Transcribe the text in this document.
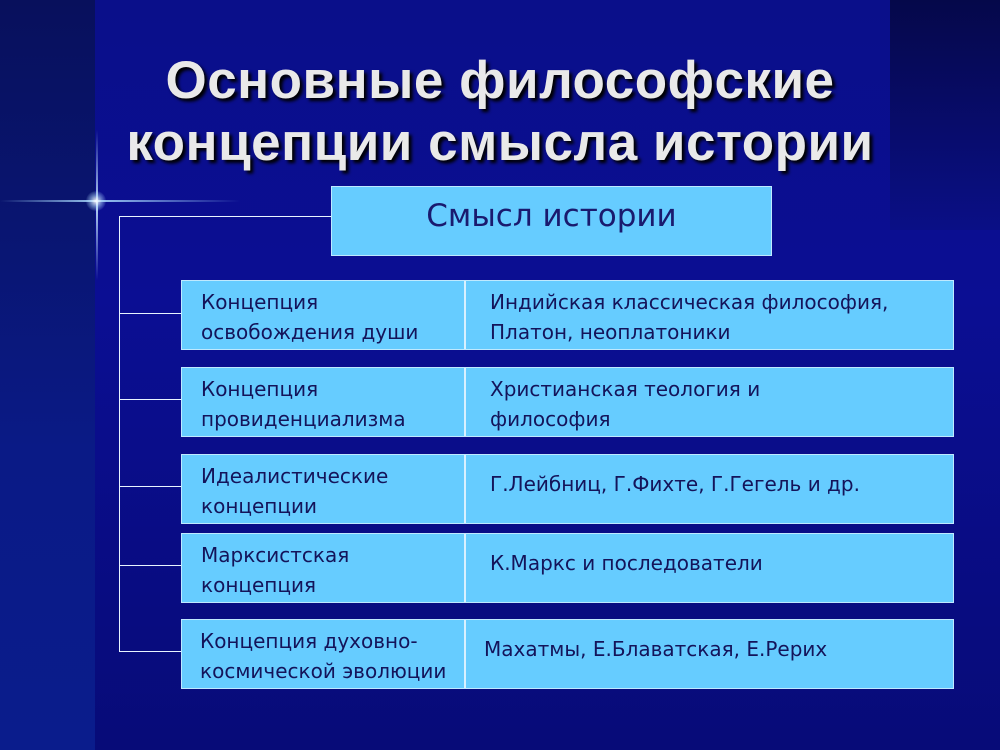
Основные философские
концепции смысла истории
Смысл истории
Концепция
освобождения души
Индийская классическая философия,
Платон, неоплатоники
Концепция
провиденциализма
Христианская теология и
философия
Идеалистические
концепции
Г.Лейбниц, Г.Фихте, Г.Гегель и др.
Марксистская
концепция
К.Маркс и последователи
Концепция духовно-
космической эволюции
Махатмы, Е.Блаватская, Е.Рерих
